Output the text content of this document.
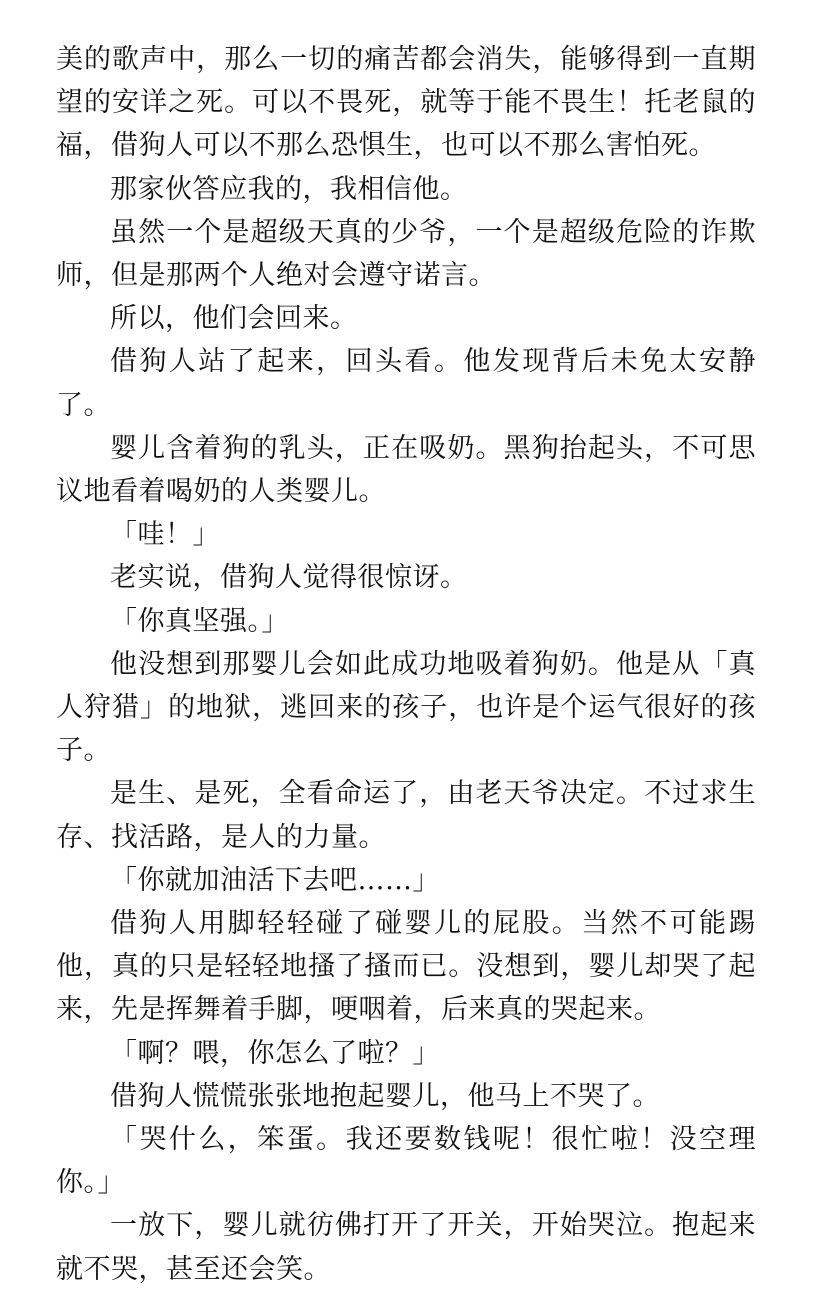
美的歌声中，那么一切的痛苦都会消失，能够得到一直期望的安详之死。可以不畏死，就等于能不畏生！托老鼠的福，借狗人可以不那么恐惧生，也可以不那么害怕死。

那家伙答应我的，我相信他。

虽然一个是超级天真的少爷，一个是超级危险的诈欺师，但是那两个人绝对会遵守诺言。

所以，他们会回来。

借狗人站了起来，回头看。他发现背后未免太安静了。

婴儿含着狗的乳头，正在吸奶。黑狗抬起头，不可思议地看着喝奶的人类婴儿。

「哇！」

老实说，借狗人觉得很惊讶。

「你真坚强。」

他没想到那婴儿会如此成功地吸着狗奶。他是从「真人狩猎」的地狱，逃回来的孩子，也许是个运气很好的孩子。

是生、是死，全看命运了，由老天爷决定。不过求生存、找活路，是人的力量。

「你就加油活下去吧……」

借狗人用脚轻轻碰了碰婴儿的屁股。当然不可能踢他，真的只是轻轻地搔了搔而已。没想到，婴儿却哭了起来，先是挥舞着手脚，哽咽着，后来真的哭起来。

「啊？喂，你怎么了啦？」

借狗人慌慌张张地抱起婴儿，他马上不哭了。

「哭什么，笨蛋。我还要数钱呢！很忙啦！没空理你。」

一放下，婴儿就彷佛打开了开关，开始哭泣。抱起来就不哭，甚至还会笑。
